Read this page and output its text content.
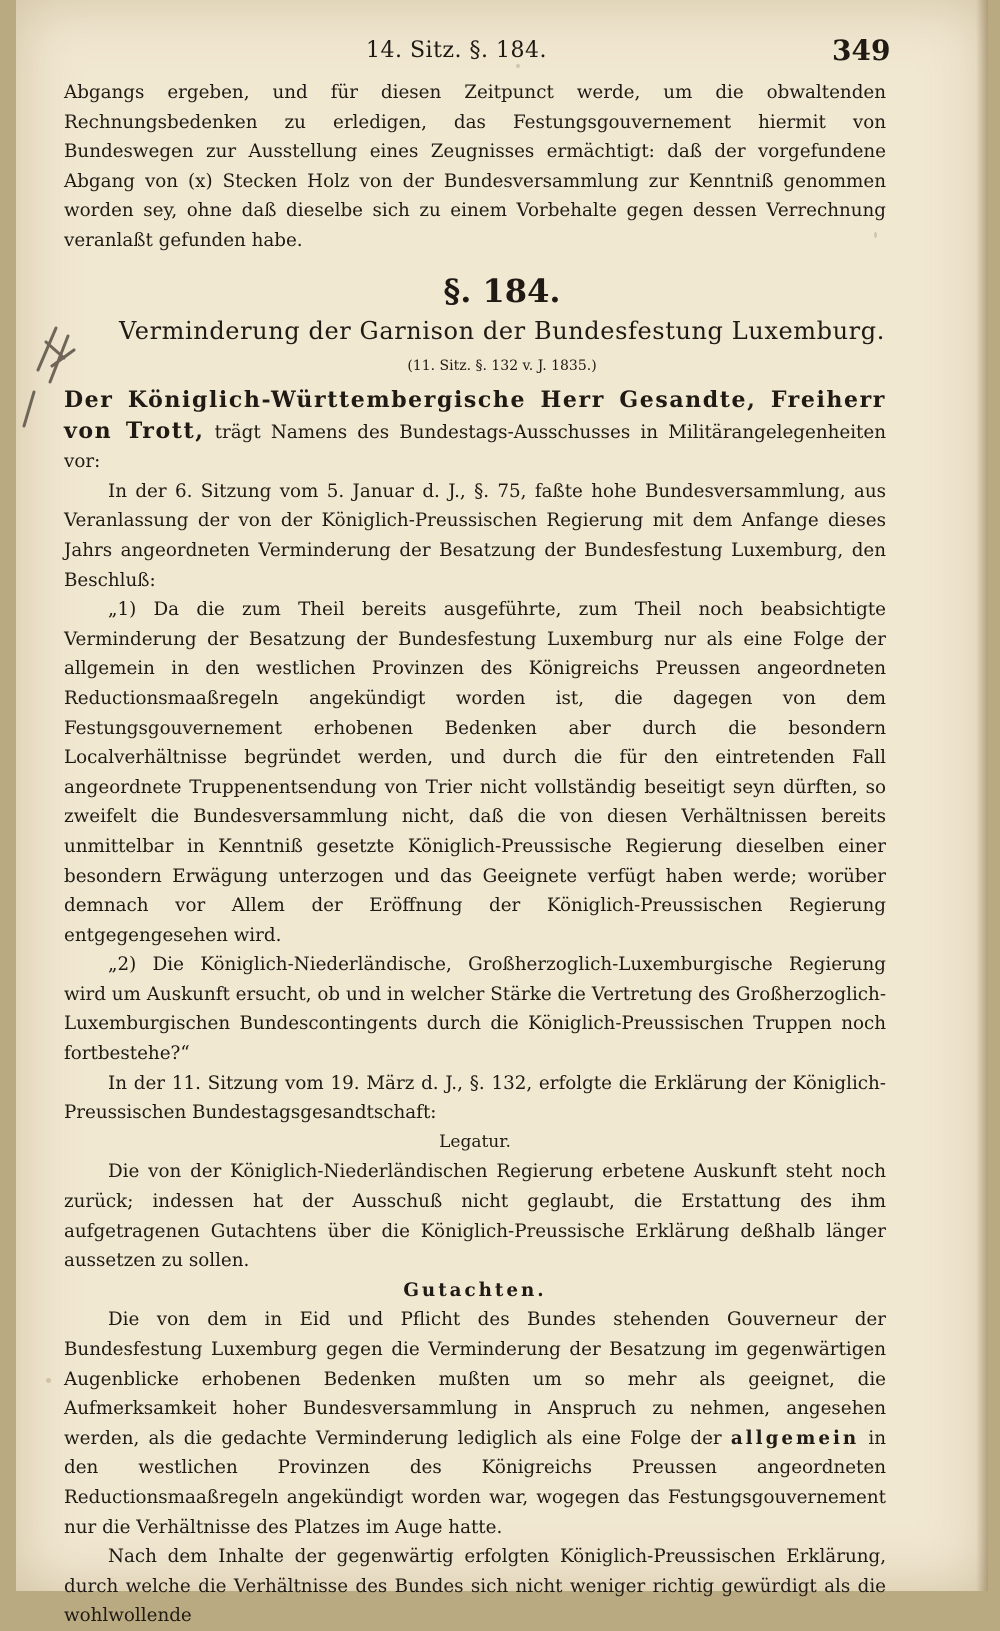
14. Sitz. §. 184.	349

Abgangs ergeben, und für diesen Zeitpunct werde, um die obwaltenden Rechnungsbedenken zu erledigen, das Festungsgouvernement hiermit von Bundeswegen zur Ausstellung eines Zeugnisses ermächtigt: daß der vorgefundene Abgang von (x) Stecken Holz von der Bundesversammlung zur Kenntniß genommen worden sey, ohne daß dieselbe sich zu einem Vorbehalte gegen dessen Verrechnung veranlaßt gefunden habe.

§. 184.
Verminderung der Garnison der Bundesfestung Luxemburg.
(11. Sitz. §. 132 v. J. 1835.)

Der Königlich-Württembergische Herr Gesandte, Freiherr von Trott, trägt Namens des Bundestags-Ausschusses in Militärangelegenheiten vor:

In der 6. Sitzung vom 5. Januar d. J., §. 75, faßte hohe Bundesversammlung, aus Veranlassung der von der Königlich-Preussischen Regierung mit dem Anfange dieses Jahrs angeordneten Verminderung der Besatzung der Bundesfestung Luxemburg, den Beschluß:

„1) Da die zum Theil bereits ausgeführte, zum Theil noch beabsichtigte Verminderung der Besatzung der Bundesfestung Luxemburg nur als eine Folge der allgemein in den westlichen Provinzen des Königreichs Preussen angeordneten Reductionsmaaßregeln angekündigt worden ist, die dagegen von dem Festungsgouvernement erhobenen Bedenken aber durch die besondern Localverhältnisse begründet werden, und durch die für den eintretenden Fall angeordnete Truppenentsendung von Trier nicht vollständig beseitigt seyn dürften, so zweifelt die Bundesversammlung nicht, daß die von diesen Verhältnissen bereits unmittelbar in Kenntniß gesetzte Königlich-Preussische Regierung dieselben einer besondern Erwägung unterzogen und das Geeignete verfügt haben werde; worüber demnach vor Allem der Eröffnung der Königlich-Preussischen Regierung entgegengesehen wird.

„2) Die Königlich-Niederländische, Großherzoglich-Luxemburgische Regierung wird um Auskunft ersucht, ob und in welcher Stärke die Vertretung des Großherzoglich-Luxemburgischen Bundescontingents durch die Königlich-Preussischen Truppen noch fortbestehe?“

In der 11. Sitzung vom 19. März d. J., §. 132, erfolgte die Erklärung der Königlich-Preussischen Bundestagsgesandtschaft:

Legatur.

Die von der Königlich-Niederländischen Regierung erbetene Auskunft steht noch zurück; indessen hat der Ausschuß nicht geglaubt, die Erstattung des ihm aufgetragenen Gutachtens über die Königlich-Preussische Erklärung deßhalb länger aussetzen zu sollen.

Gutachten.

Die von dem in Eid und Pflicht des Bundes stehenden Gouverneur der Bundesfestung Luxemburg gegen die Verminderung der Besatzung im gegenwärtigen Augenblicke erhobenen Bedenken mußten um so mehr als geeignet, die Aufmerksamkeit hoher Bundesversammlung in Anspruch zu nehmen, angesehen werden, als die gedachte Verminderung lediglich als eine Folge der allgemein in den westlichen Provinzen des Königreichs Preussen angeordneten Reductionsmaaßregeln angekündigt worden war, wogegen das Festungsgouvernement nur die Verhältnisse des Platzes im Auge hatte.

Nach dem Inhalte der gegenwärtig erfolgten Königlich-Preussischen Erklärung, durch welche die Verhältnisse des Bundes sich nicht weniger richtig gewürdigt als die wohlwollende
